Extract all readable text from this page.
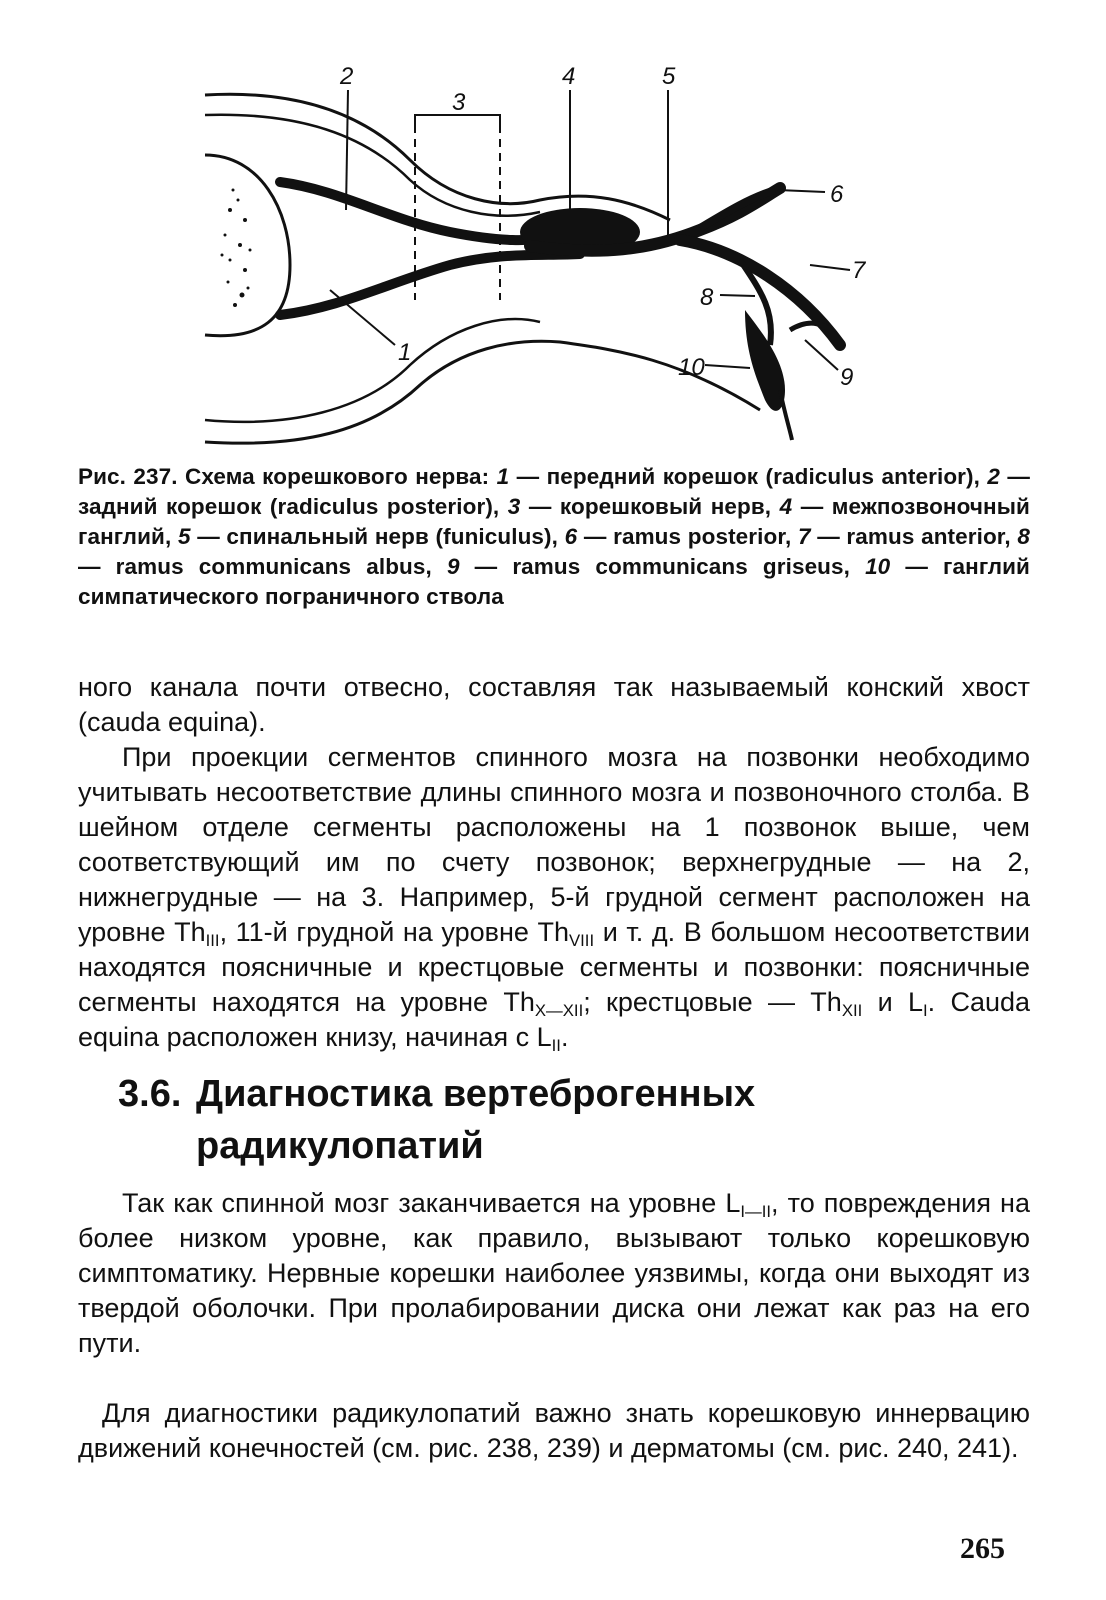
1
2
3
4	5
6
7
8
9
10
Рис. 237. Схема корешкового нерва: 1 — передний корешок (radiculus anterior), 2 — задний корешок (radiculus posterior), 3 — корешковый нерв, 4 — межпозвоночный ганглий, 5 — спинальный нерв (funiculus), 6 — ramus posterior, 7 — ramus anterior, 8 — ramus communicans albus, 9 — ramus communicans griseus, 10 — ганглий симпатического пограничного ствола
ного канала почти отвесно, составляя так называемый конский хвост (cauda equina).
При проекции сегментов спинного мозга на позвонки необходимо учитывать несоответствие длины спинного мозга и позвоночного столба. В шейном отделе сегменты расположены на 1 позвонок выше, чем соответствующий им по счету позвонок; верхнегрудные — на 2, нижнегрудные — на 3. Например, 5-й грудной сегмент расположен на уровне $Th_{III}$, 11-й грудной на уровне $Th_{VIII}$ и т. д. В большом несоответствии находятся поясничные и крестцовые сегменты и позвонки: поясничные сегменты находятся на уровне $Th_{X—XII}$; крестцовые — $Th_{XII}$ и $L_I$. Cauda equina расположен книзу, начиная с $L_{II}$.
3.6. Диагностика вертеброгенных
радикулопатий
Так как спинной мозг заканчивается на уровне $L_{I—II}$, то повреждения на более низком уровне, как правило, вызывают только корешковую симптоматику. Нервные корешки наиболее уязвимы, когда они выходят из твердой оболочки. При пролабировании диска они лежат как раз на его пути.
Для диагностики радикулопатий важно знать корешковую иннервацию движений конечностей (см. рис. 238, 239) и дерматомы (см. рис. 240, 241).
265
